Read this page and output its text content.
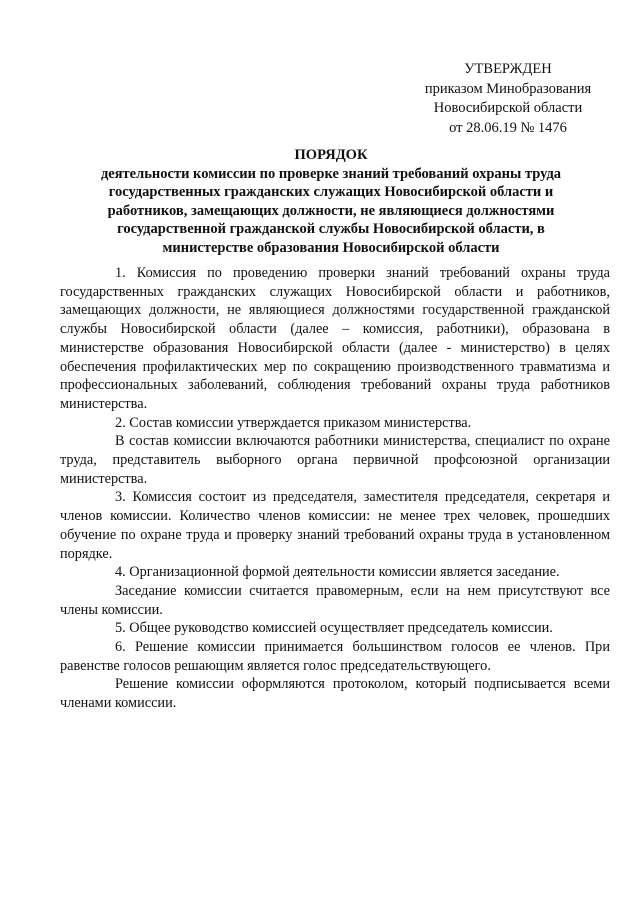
УТВЕРЖДЕН
приказом Минобразования
Новосибирской области
от 28.06.19 № 1476
ПОРЯДОК
деятельности комиссии по проверке знаний требований охраны труда
государственных гражданских служащих Новосибирской области и
работников, замещающих должности, не являющиеся должностями
государственной гражданской службы Новосибирской области, в
министерстве образования Новосибирской области

1. Комиссия по проведению проверки знаний требований охраны труда государственных гражданских служащих Новосибирской области и работников, замещающих должности, не являющиеся должностями государственной гражданской службы Новосибирской области (далее – комиссия, работники), образована в министерстве образования Новосибирской области (далее - министерство) в целях обеспечения профилактических мер по сокращению производственного травматизма и профессиональных заболеваний, соблюдения требований охраны труда работников министерства.

2. Состав комиссии утверждается приказом министерства.

В состав комиссии включаются работники министерства, специалист по охране труда, представитель выборного органа первичной профсоюзной организации министерства.

3. Комиссия состоит из председателя, заместителя председателя, секретаря и членов комиссии. Количество членов комиссии: не менее трех человек, прошедших обучение по охране труда и проверку знаний требований охраны труда в установленном порядке.

4. Организационной формой деятельности комиссии является заседание.

Заседание комиссии считается правомерным, если на нем присутствуют все члены комиссии.

5. Общее руководство комиссией осуществляет председатель комиссии.

6. Решение комиссии принимается большинством голосов ее членов. При равенстве голосов решающим является голос председательствующего.

Решение комиссии оформляются протоколом, который подписывается всеми членами комиссии.
